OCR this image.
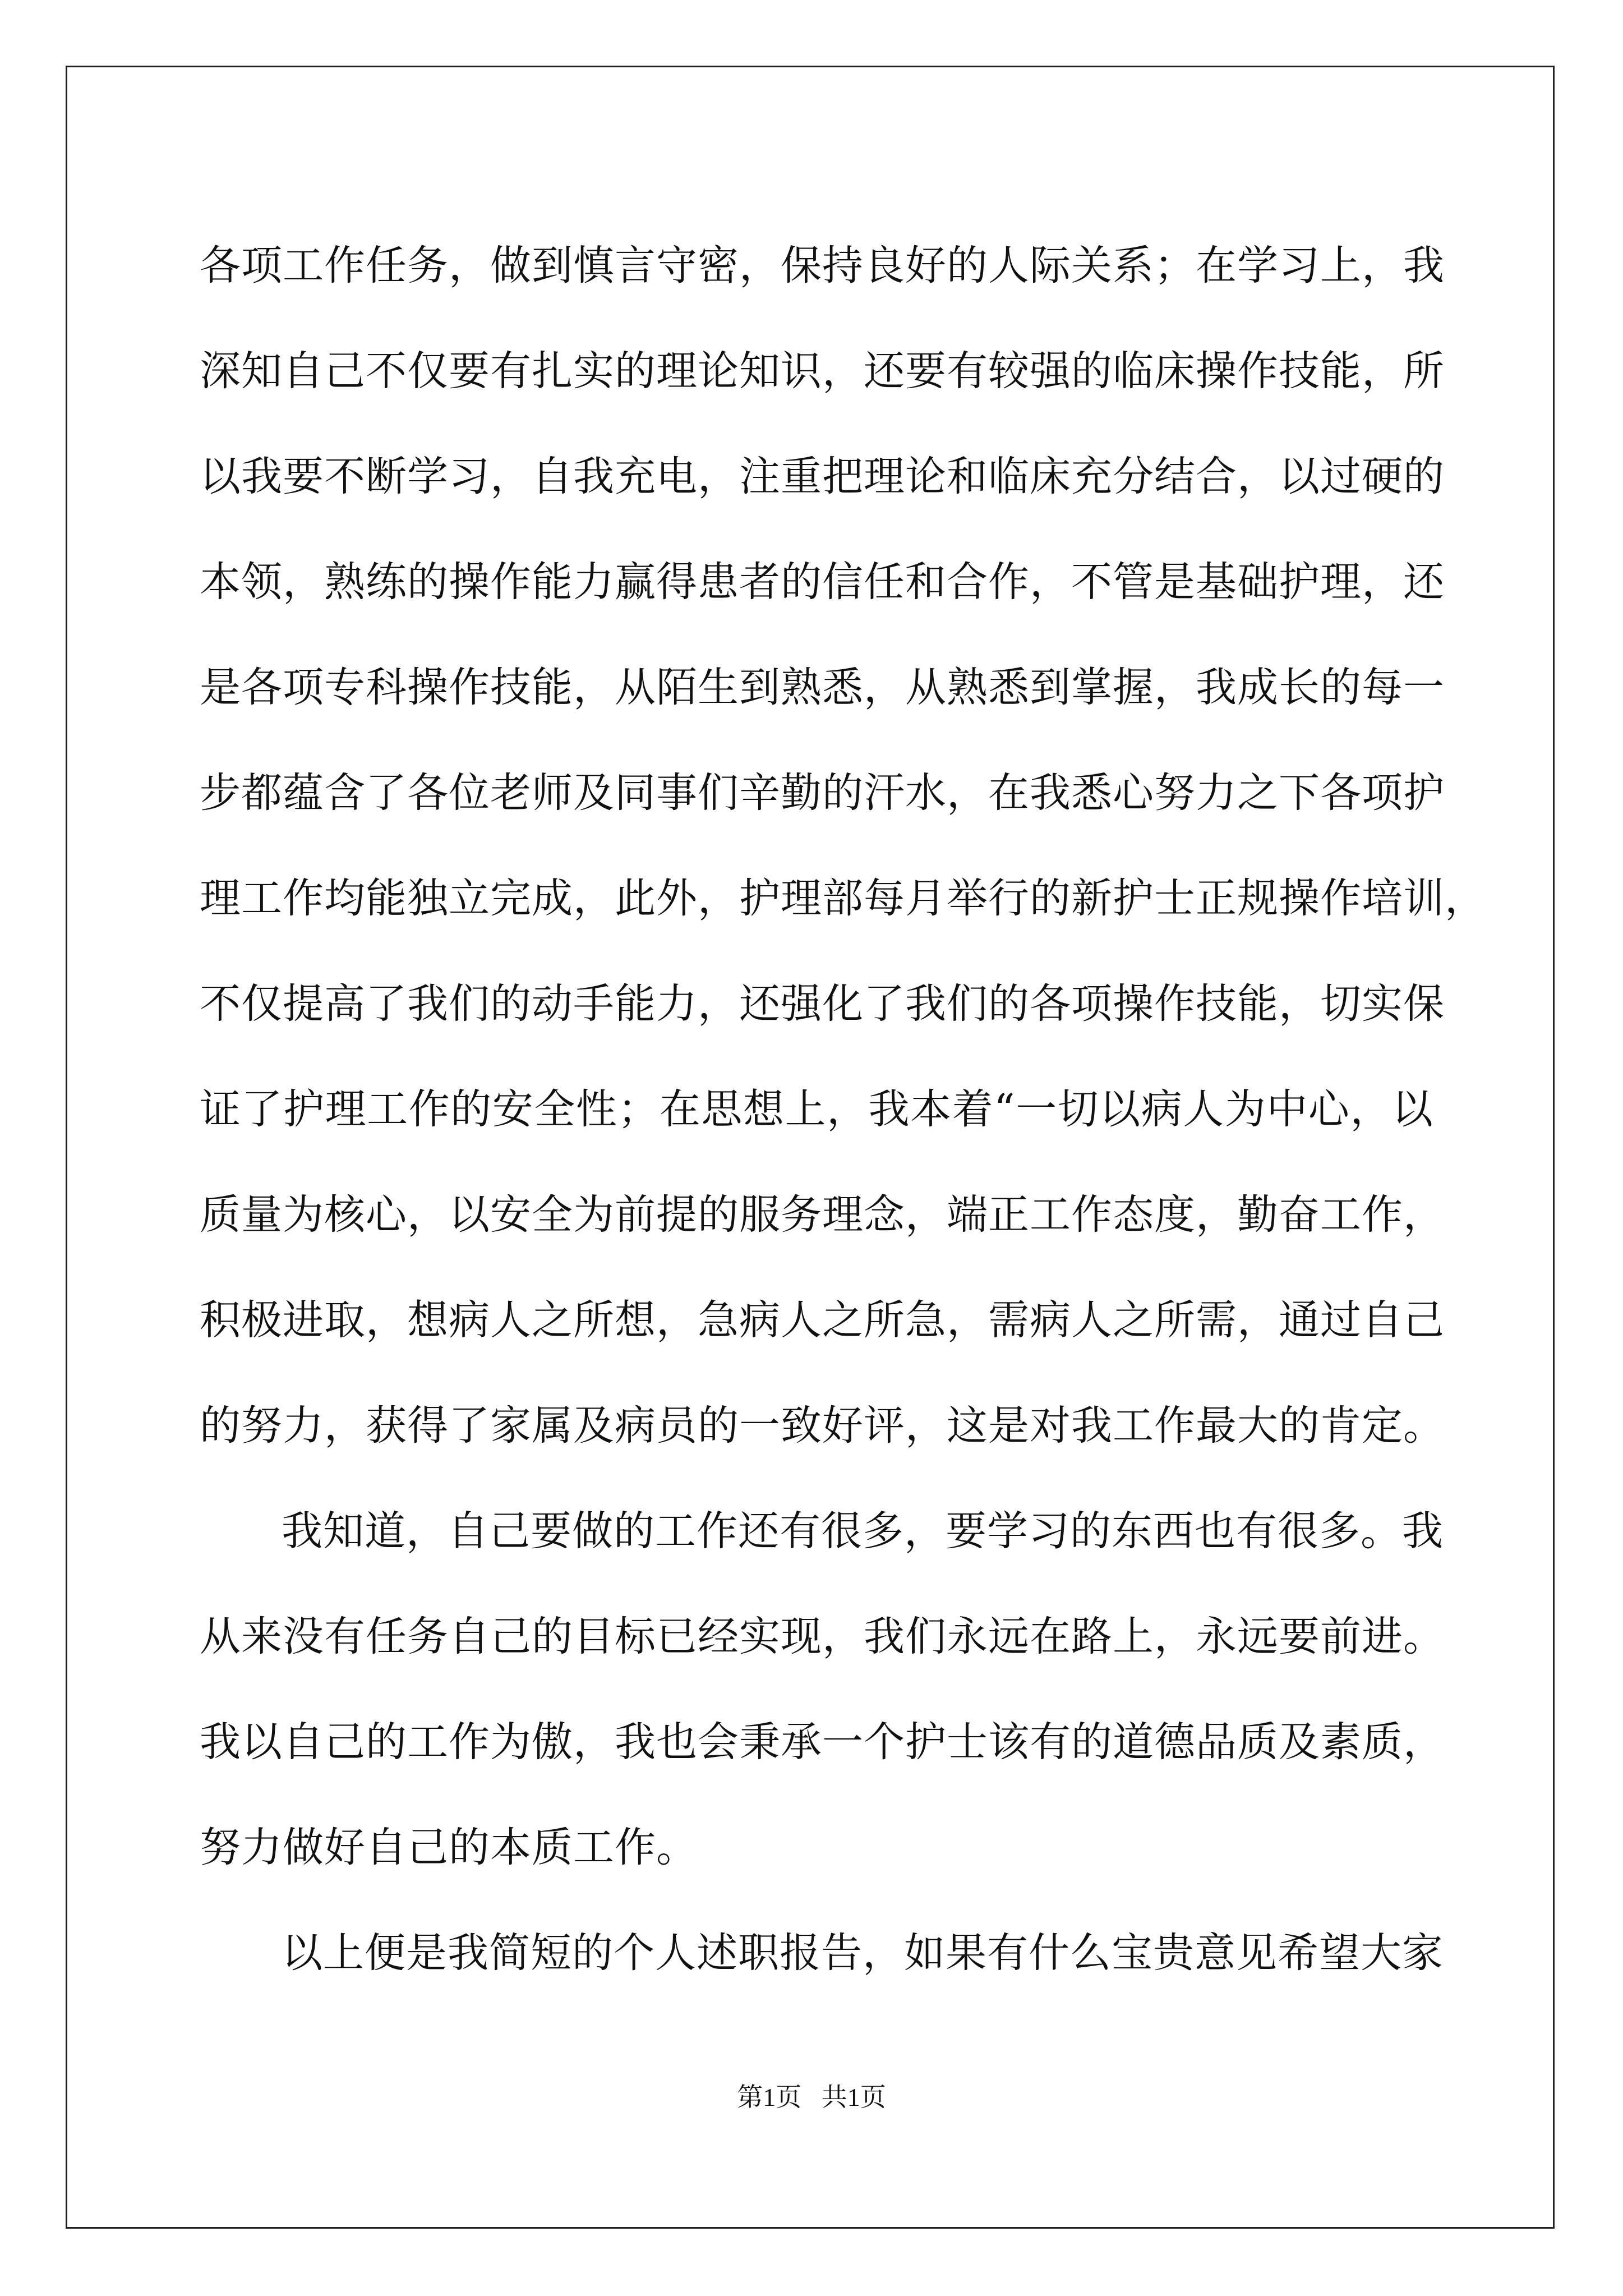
各项工作任务，做到慎言守密，保持良好的人际关系；在学习上，我
深知自己不仅要有扎实的理论知识，还要有较强的临床操作技能，所
以我要不断学习，自我充电，注重把理论和临床充分结合，以过硬的
本领，熟练的操作能力赢得患者的信任和合作，不管是基础护理，还
是各项专科操作技能，从陌生到熟悉，从熟悉到掌握，我成长的每一
步都蕴含了各位老师及同事们辛勤的汗水，在我悉心努力之下各项护
理工作均能独立完成，此外，护理部每月举行的新护士正规操作培训，
不仅提高了我们的动手能力，还强化了我们的各项操作技能，切实保
证了护理工作的安全性；在思想上，我本着“一切以病人为中心，以
质量为核心，以安全为前提的服务理念，端正工作态度，勤奋工作，
积极进取，想病人之所想，急病人之所急，需病人之所需，通过自己
的努力，获得了家属及病员的一致好评，这是对我工作最大的肯定。
我知道，自己要做的工作还有很多，要学习的东西也有很多。我
从来没有任务自己的目标已经实现，我们永远在路上，永远要前进。
我以自己的工作为傲，我也会秉承一个护士该有的道德品质及素质，
努力做好自己的本质工作。
以上便是我简短的个人述职报告，如果有什么宝贵意见希望大家
第1页 共1页
